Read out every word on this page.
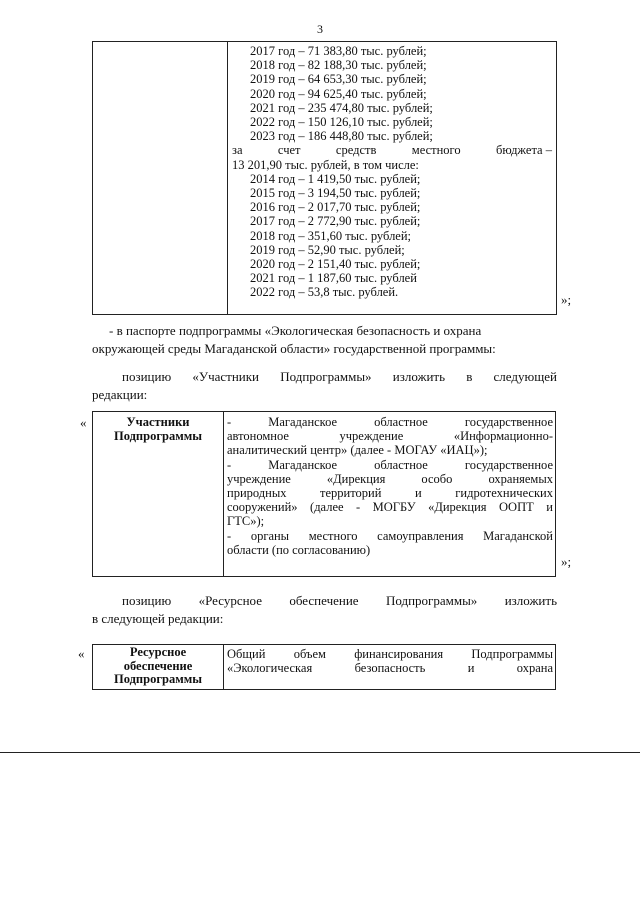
3
2017 год – 71 383,80 тыс. рублей;
2018 год – 82 188,30 тыс. рублей;
2019 год – 64 653,30 тыс. рублей;
2020 год – 94 625,40 тыс. рублей;
2021 год – 235 474,80 тыс. рублей;
2022 год – 150 126,10 тыс. рублей;
2023 год – 186 448,80 тыс. рублей;
за	счет	средств	местного	бюджета –
13 201,90 тыс. рублей, в том числе:
2014 год – 1 419,50 тыс. рублей;
2015 год – 3 194,50 тыс. рублей;
2016 год – 2 017,70 тыс. рублей;
2017 год – 2 772,90 тыс. рублей;
2018 год – 351,60 тыс. рублей;
2019 год – 52,90 тыс. рублей;
2020 год – 2 151,40 тыс. рублей;
2021 год – 1 187,60 тыс. рублей
2022 год – 53,8 тыс. рублей.	»;
- в паспорте подпрограммы «Экологическая безопасность и охрана
окружающей среды Магаданской области» государственной программы:
позицию «Участники Подпрограммы» изложить в следующей
редакции:
«	Участники
Подпрограммы
-	Магаданское	областное	государственное
автономное	учреждение	«Информационно-
аналитический центр» (далее - МОГАУ «ИАЦ»);
-	Магаданское	областное	государственное
учреждение	«Дирекция	особо	охраняемых
природных	территорий	и	гидротехнических
сооружений» (далее - МОГБУ «Дирекция ООПТ и
ГТС»);
- органы местного самоуправления Магаданской
области (по согласованию)
»;
позицию «Ресурсное обеспечение Подпрограммы» изложить
в следующей редакции:
«	Ресурсное
обеспечение
Подпрограммы
Общий объем финансирования Подпрограммы
«Экологическая	безопасность	и	охрана
